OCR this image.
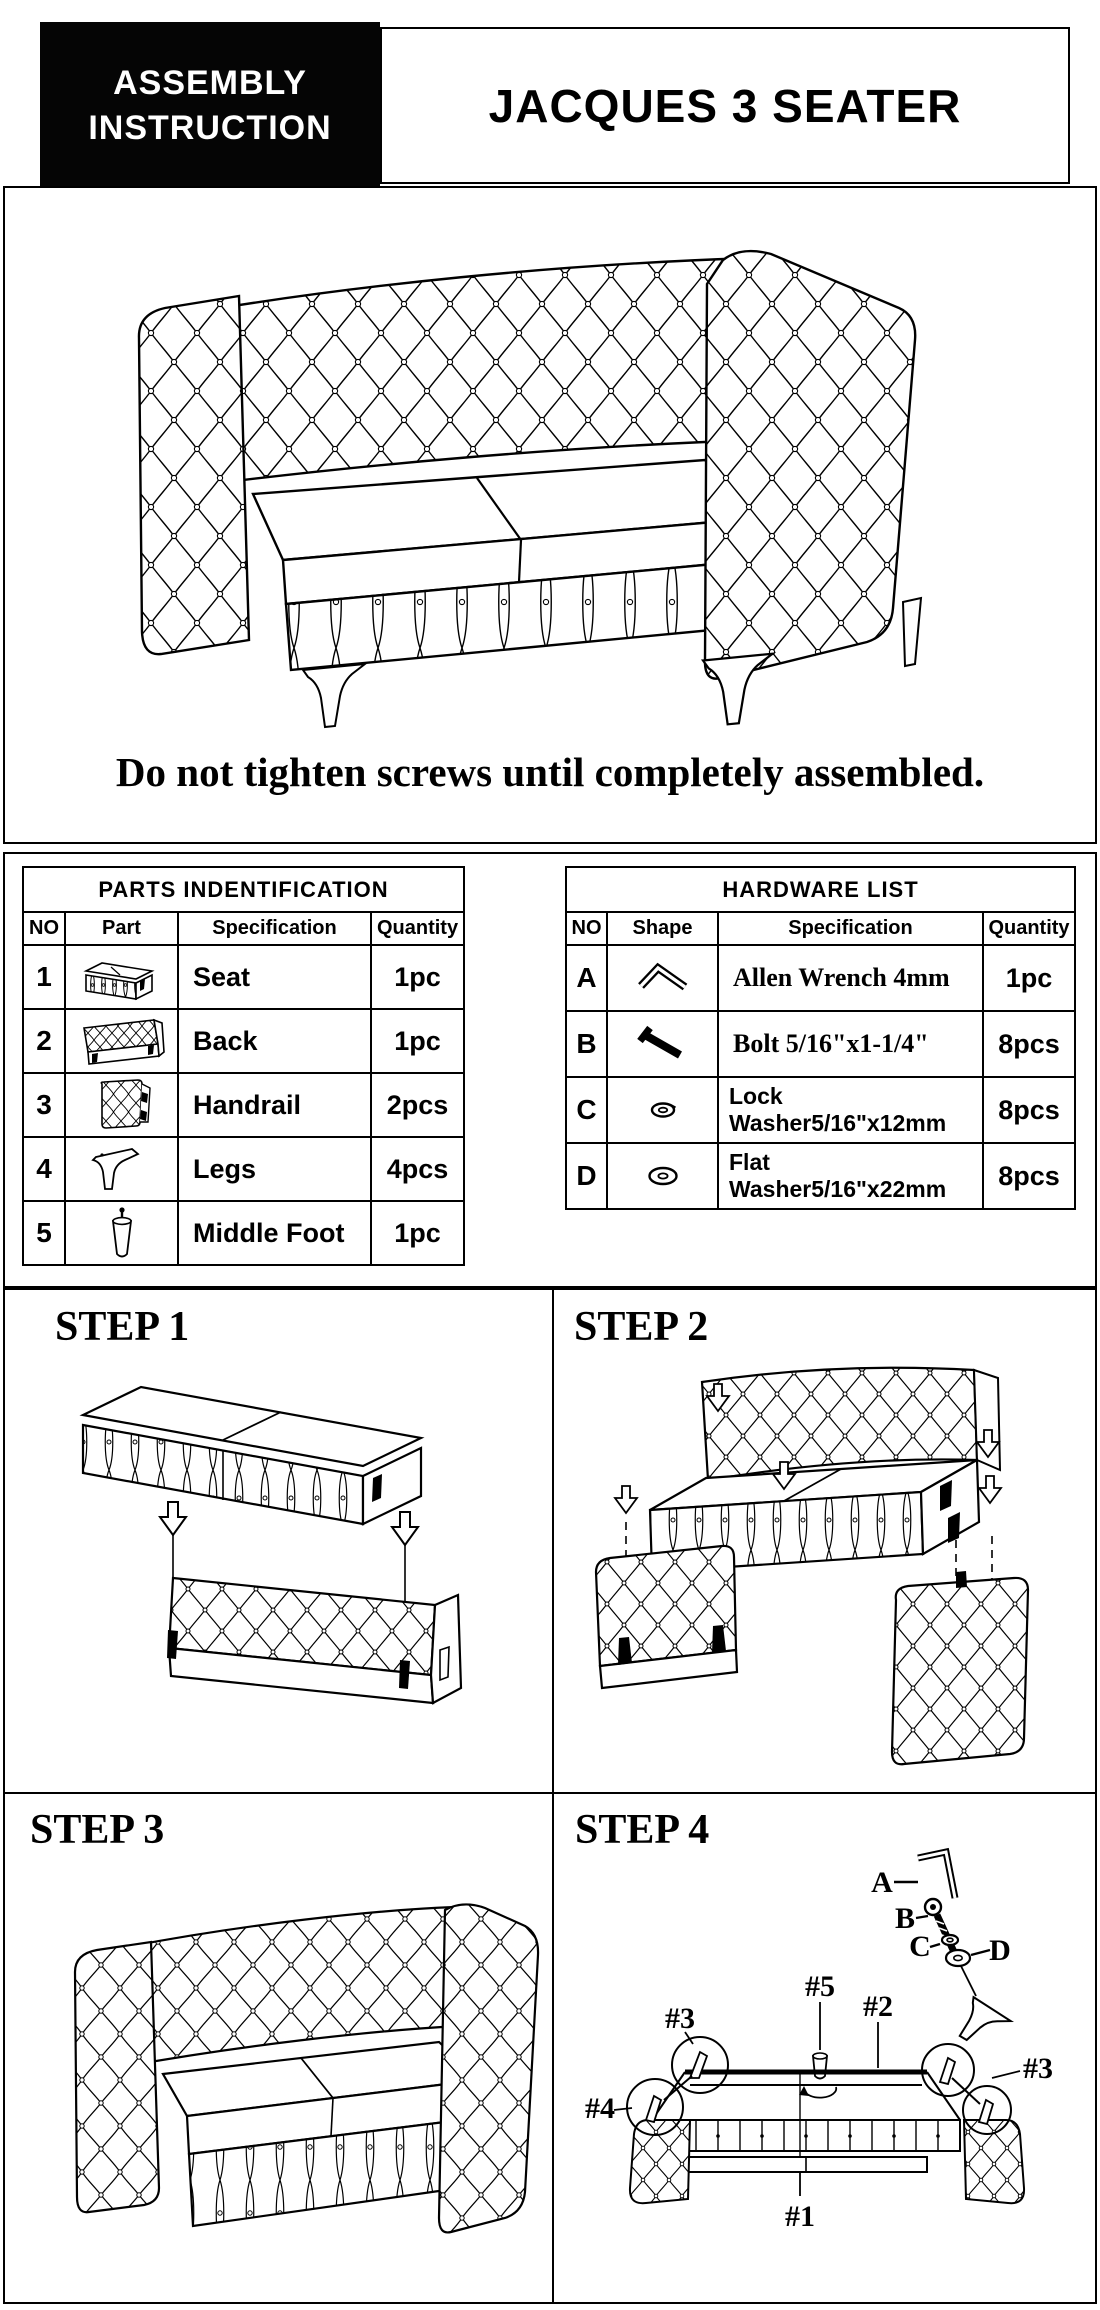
ASSEMBLY
INSTRUCTION	JACQUES 3 SEATER
Do not tighten screws until completely assembled.
PARTS INDENTIFICATION			
NO	Part	Specification	Quantity
1		Seat	1pc
2		Back	1pc
3		Handrail	2pcs
4		Legs	4pcs
5		Middle Foot	1pc
HARDWARE LIST			
NO	Shape	Specification	Quantity
A		Allen Wrench 4mm	1pc
B		Bolt 5/16"x1-1/4"	8pcs
C		Lock Washer5/16"x12mm	8pcs
D		Flat Washer5/16"x22mm	8pcs
STEP 1	STEP 2
STEP 3	STEP 4
A
B
C D
#5
#2
#3
#3
#4
#1
